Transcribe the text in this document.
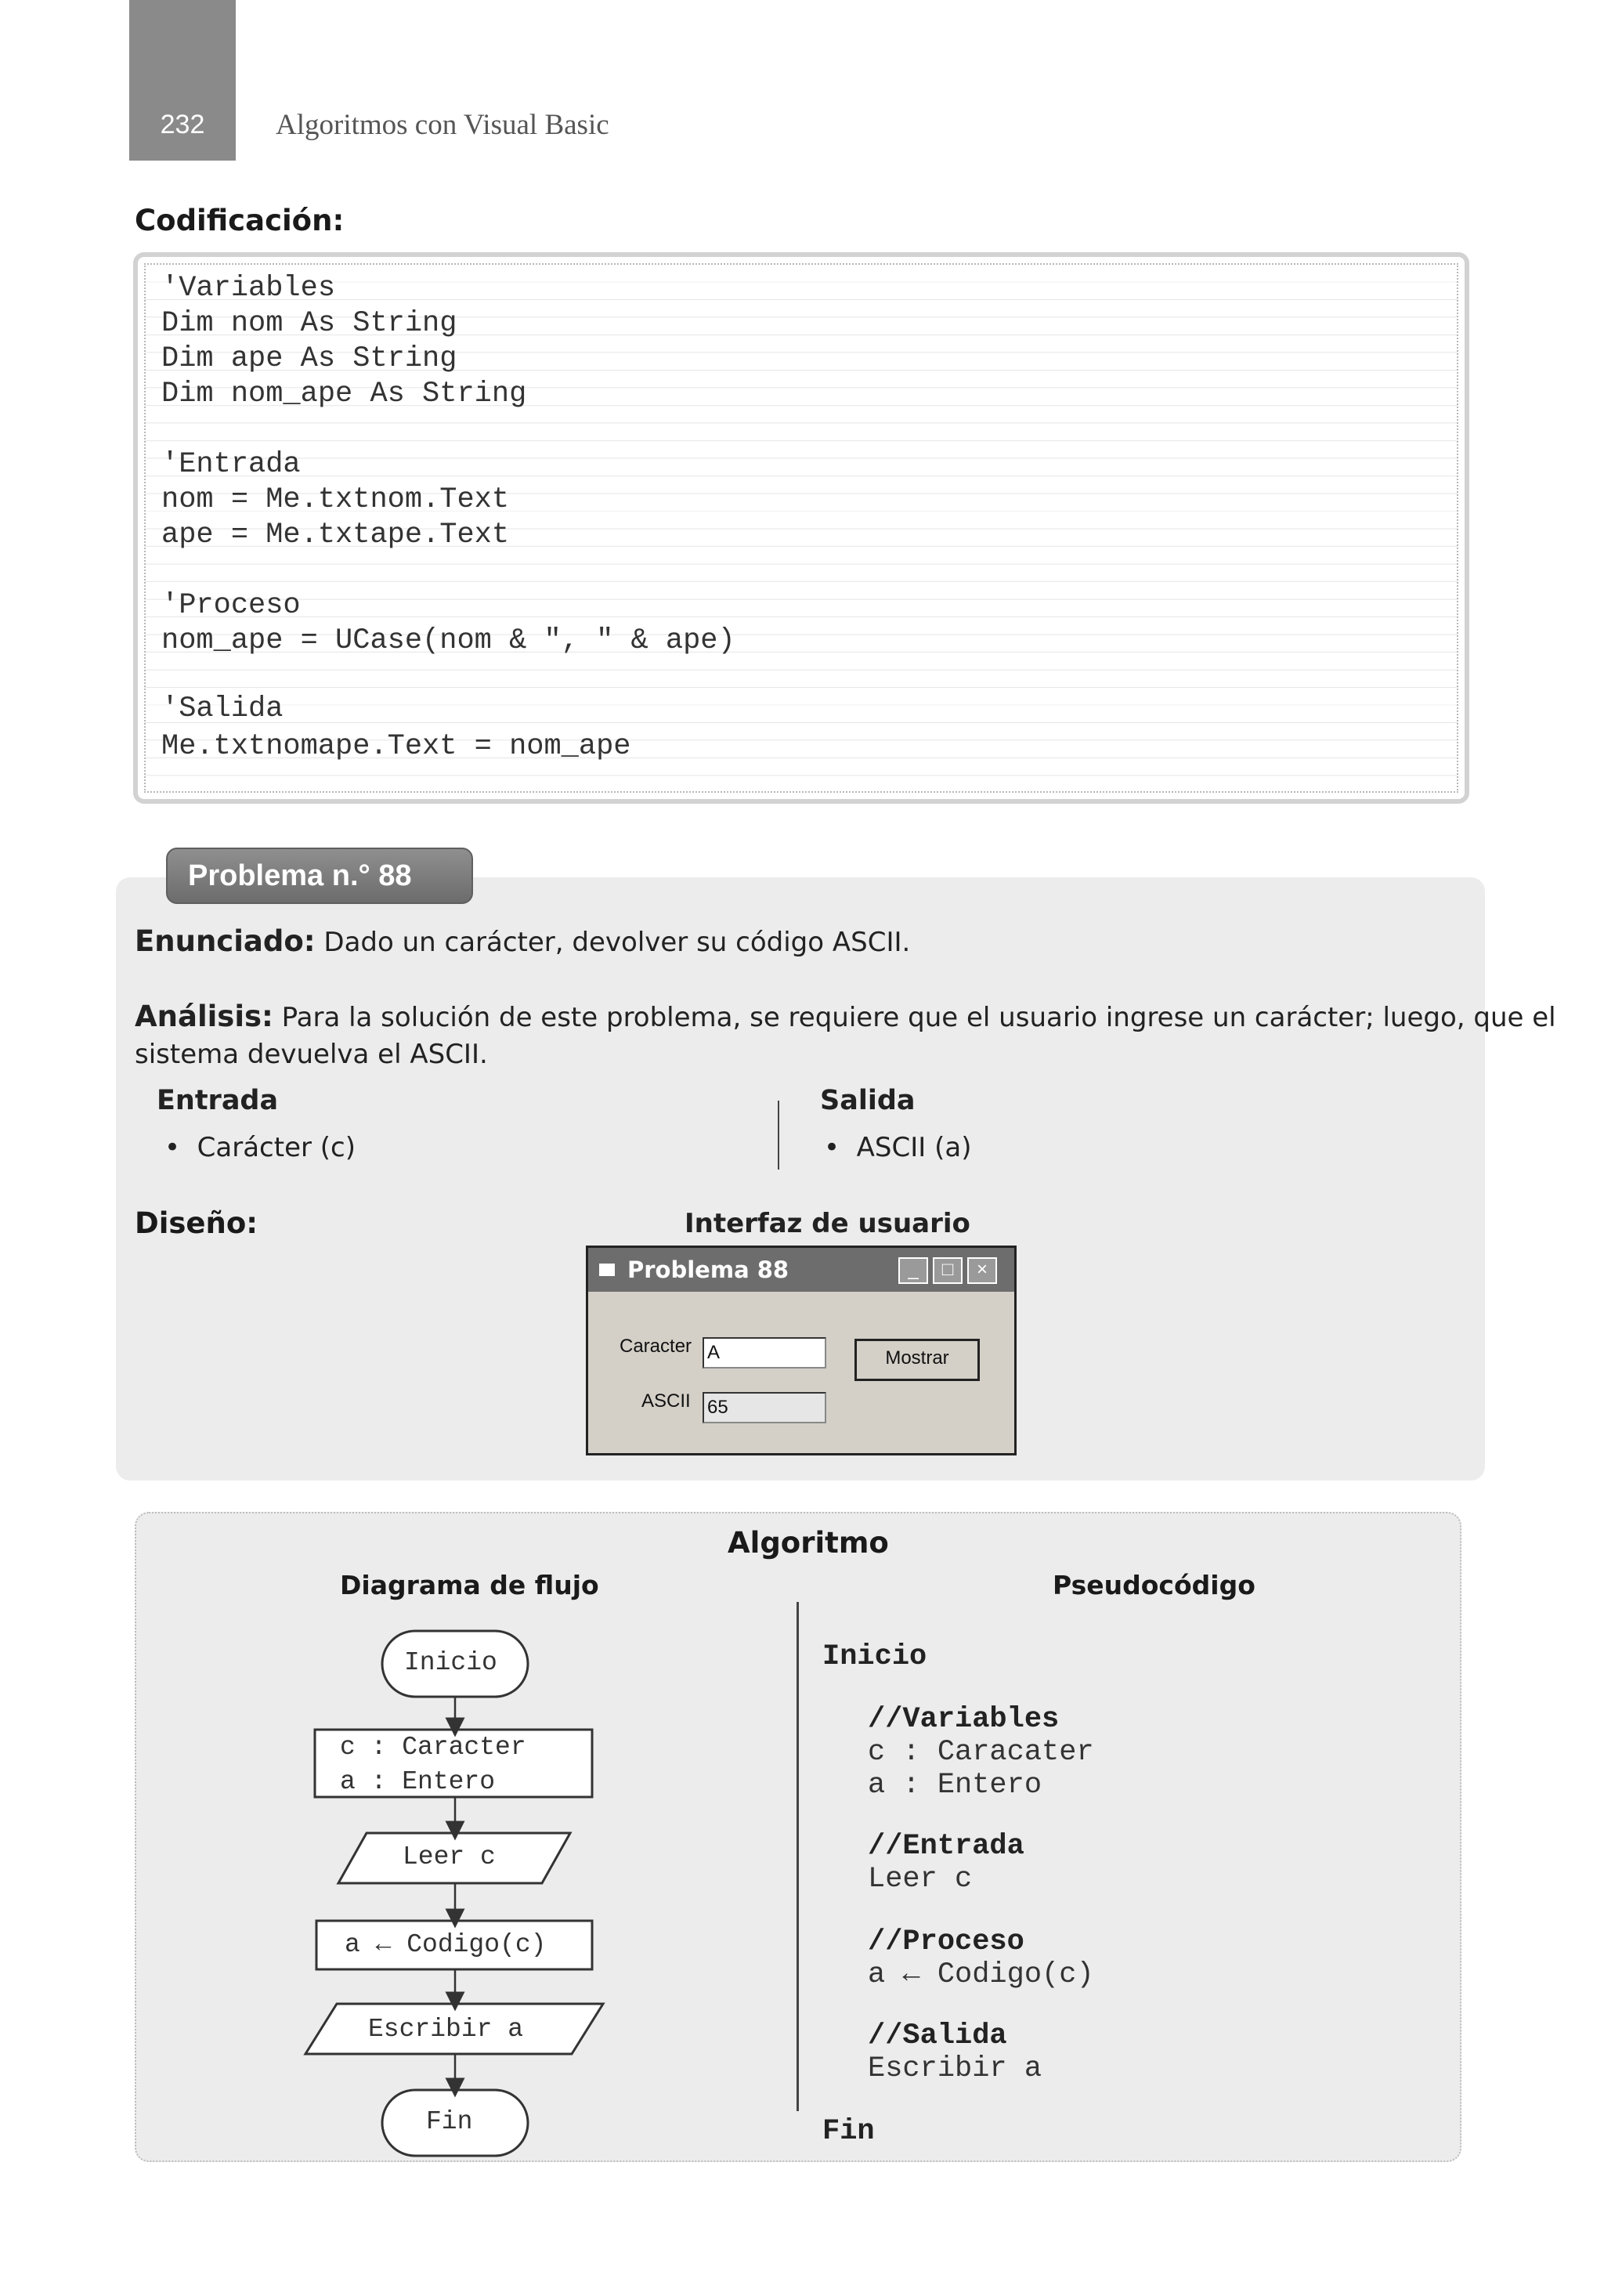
232	Algoritmos con Visual Basic
Codificación:
'Variables
Dim nom As String
Dim ape As String
Dim nom_ape As String
'Entrada
nom = Me.txtnom.Text
ape = Me.txtape.Text
'Proceso
nom_ape = UCase(nom & ", " & ape)
'Salida
Me.txtnomape.Text = nom_ape
Problema n.° 88
Enunciado: Dado un carácter, devolver su código ASCII.
Análisis: Para la solución de este problema, se requiere que el usuario ingrese un carácter; luego, que el
sistema devuelva el ASCII.
Entrada
•  Carácter (c)
Salida
•  ASCII (a)
Diseño:	Interfaz de usuario
Problema 88	_	□	×
Caracter A	Mostrar
ASCII 65
Algoritmo
Diagrama de flujo	Pseudocódigo
Inicio
c : Caracter
a : Entero
Leer c
a ← Codigo(c)
Escribir a
Fin
Inicio
//Variables
c : Caracater
a : Entero
//Entrada
Leer c
//Proceso
a ← Codigo(c)
//Salida
Escribir a
Fin
